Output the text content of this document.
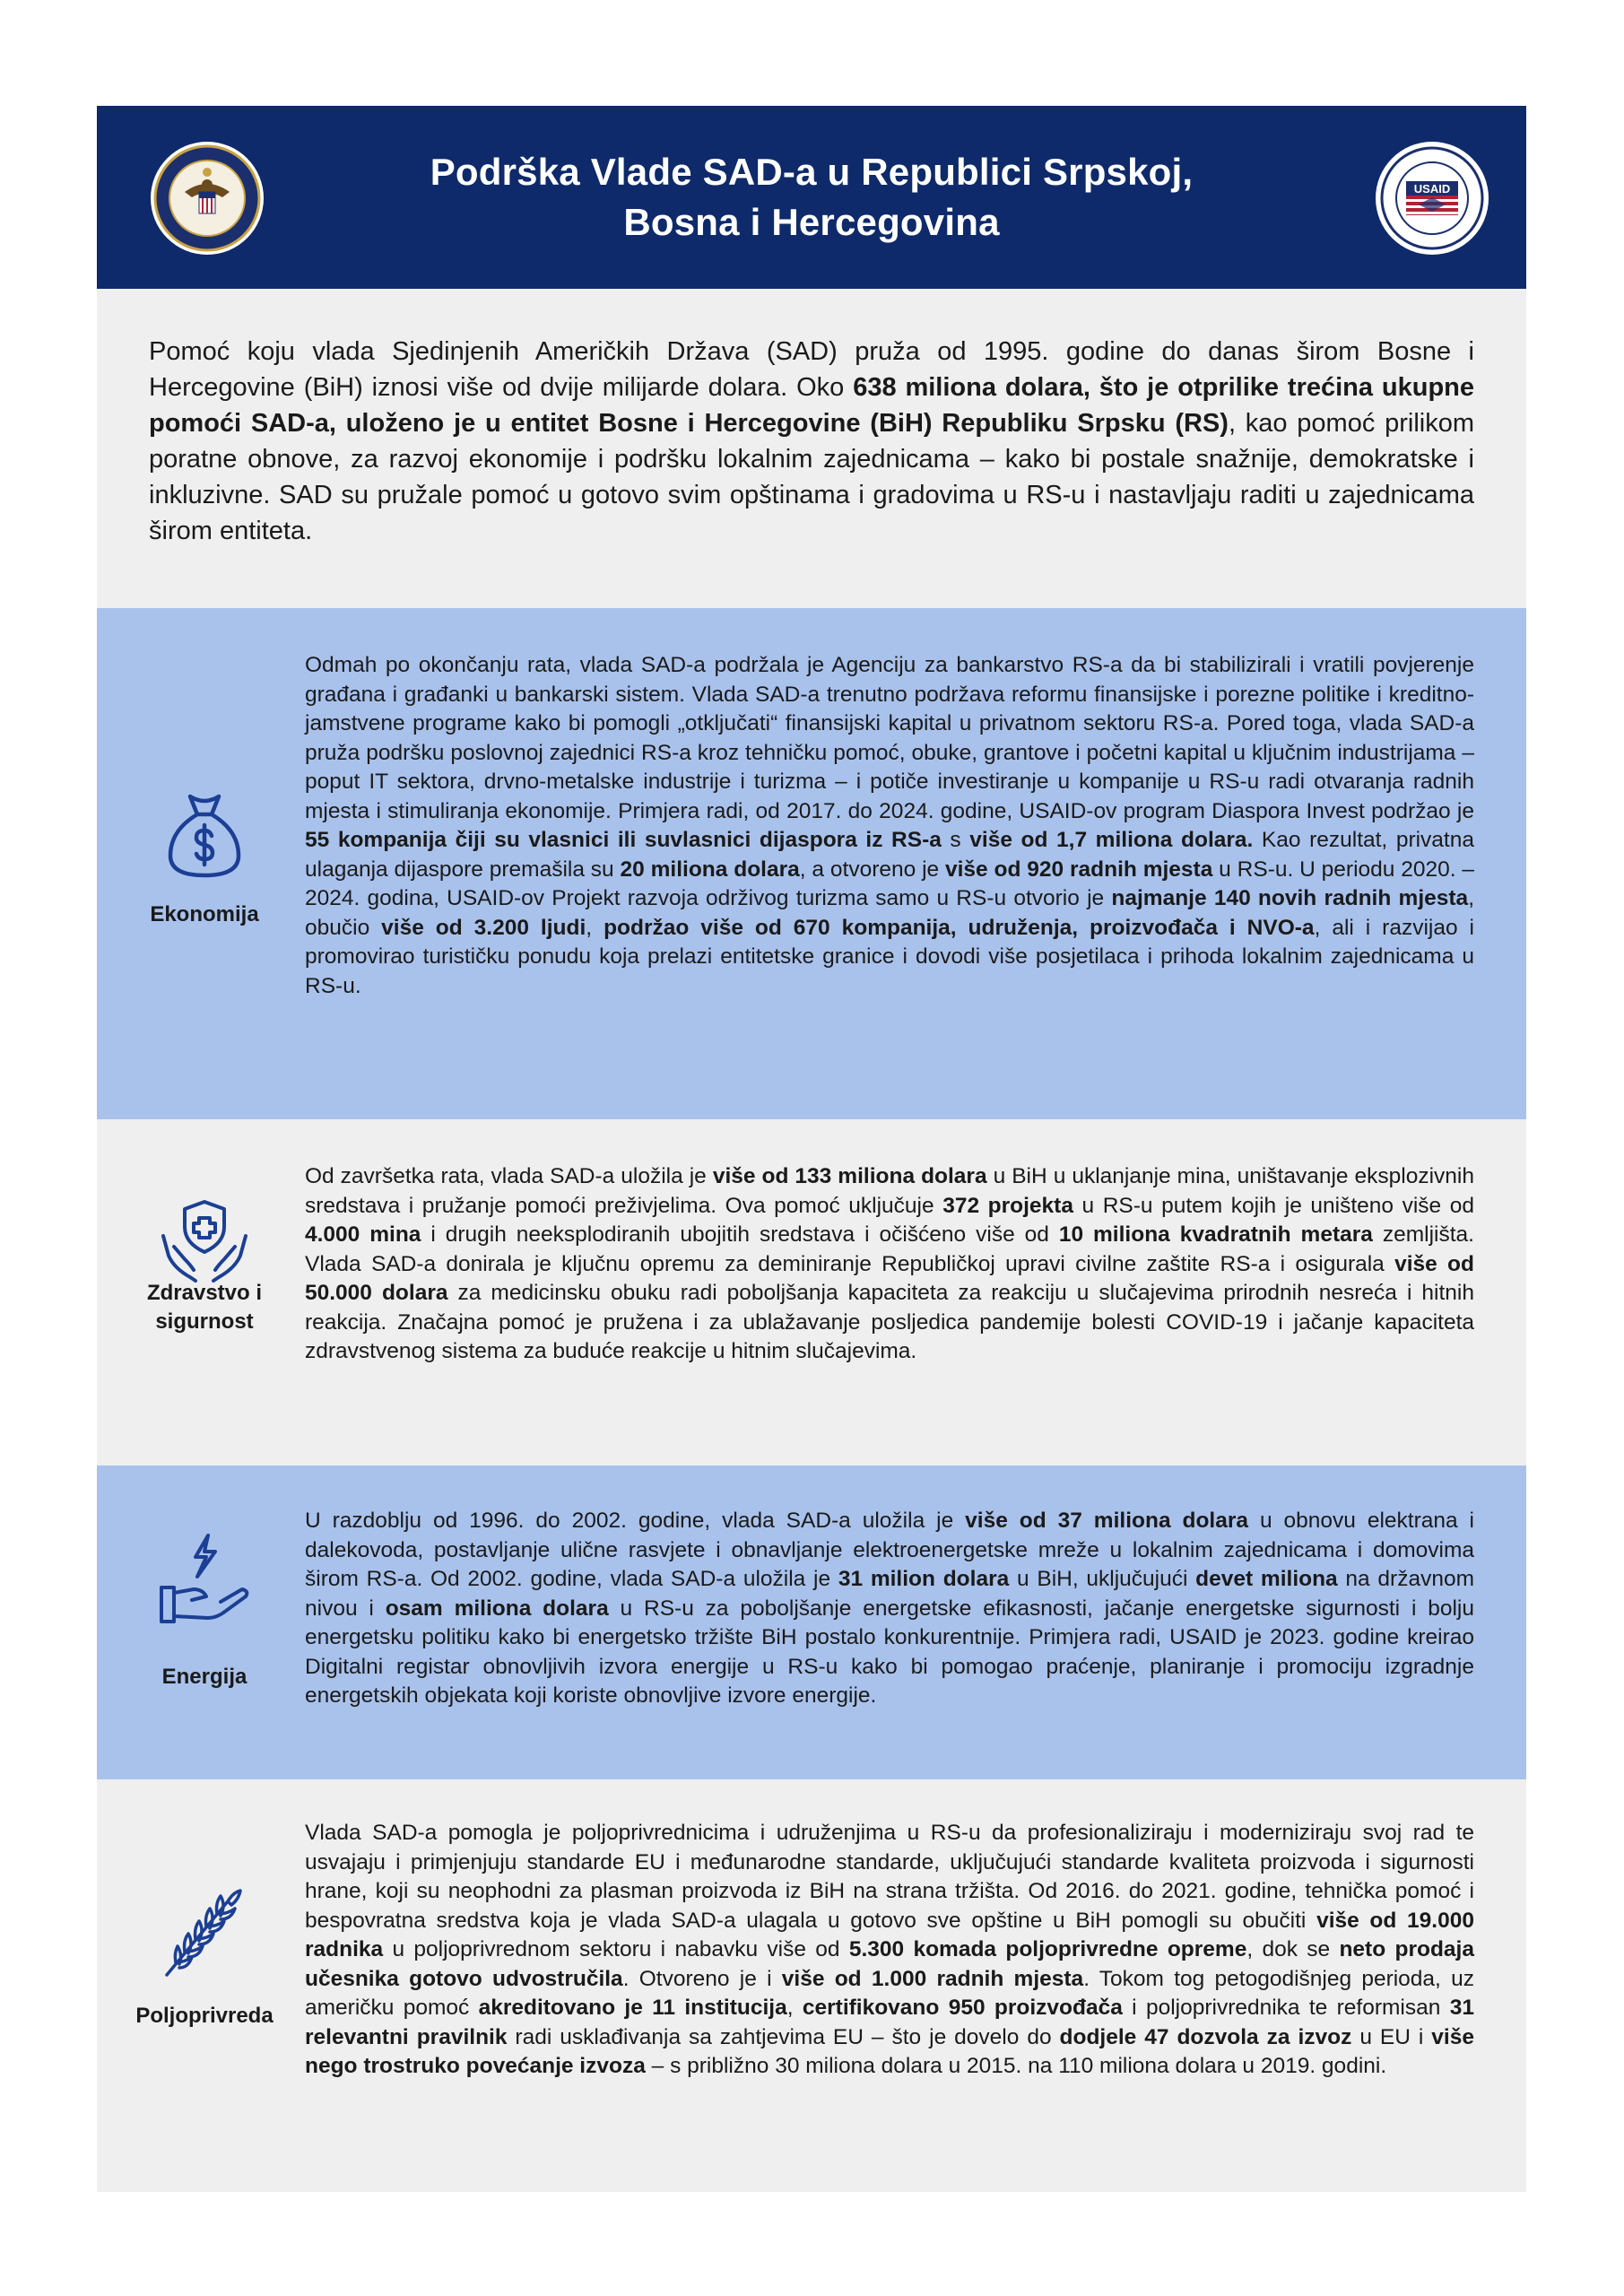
Podrška Vlade SAD-a u Republici Srpskoj,
Bosna i Hercegovina
USAID

Pomoć koju vlada Sjedinjenih Američkih Država (SAD) pruža od 1995. godine do danas širom Bosne i Hercegovine (BiH) iznosi više od dvije milijarde dolara. Oko 638 miliona dolara, što je otprilike trećina ukupne pomoći SAD-a, uloženo je u entitet Bosne i Hercegovine (BiH) Republiku Srpsku (RS), kao pomoć prilikom poratne obnove, za razvoj ekonomije i podršku lokalnim zajednicama – kako bi postale snažnije, demokratske i inkluzivne. SAD su pružale pomoć u gotovo svim opštinama i gradovima u RS-u i nastavljaju raditi u zajednicama širom entiteta.

Ekonomija

Odmah po okončanju rata, vlada SAD-a podržala je Agenciju za bankarstvo RS-a da bi stabilizirali i vratili povjerenje građana i građanki u bankarski sistem. Vlada SAD-a trenutno podržava reformu finansijske i porezne politike i kreditno-jamstvene programe kako bi pomogli „otključati“ finansijski kapital u privatnom sektoru RS-a. Pored toga, vlada SAD-a pruža podršku poslovnoj zajednici RS-a kroz tehničku pomoć, obuke, grantove i početni kapital u ključnim industrijama – poput IT sektora, drvno-metalske industrije i turizma – i potiče investiranje u kompanije u RS-u radi otvaranja radnih mjesta i stimuliranja ekonomije. Primjera radi, od 2017. do 2024. godine, USAID-ov program Diaspora Invest podržao je 55 kompanija čiji su vlasnici ili suvlasnici dijaspora iz RS-a s više od 1,7 miliona dolara. Kao rezultat, privatna ulaganja dijaspore premašila su 20 miliona dolara, a otvoreno je više od 920 radnih mjesta u RS-u. U periodu 2020. – 2024. godina, USAID-ov Projekt razvoja održivog turizma samo u RS-u otvorio je najmanje 140 novih radnih mjesta, obučio više od 3.200 ljudi, podržao više od 670 kompanija, udruženja, proizvođača i NVO-a, ali i razvijao i promovirao turističku ponudu koja prelazi entitetske granice i dovodi više posjetilaca i prihoda lokalnim zajednicama u RS-u.

Zdravstvo i sigurnost

Od završetka rata, vlada SAD-a uložila je više od 133 miliona dolara u BiH u uklanjanje mina, uništavanje eksplozivnih sredstava i pružanje pomoći preživjelima. Ova pomoć uključuje 372 projekta u RS-u putem kojih je uništeno više od 4.000 mina i drugih neeksplodiranih ubojitih sredstava i očišćeno više od 10 miliona kvadratnih metara zemljišta. Vlada SAD-a donirala je ključnu opremu za deminiranje Republičkoj upravi civilne zaštite RS-a i osigurala više od 50.000 dolara za medicinsku obuku radi poboljšanja kapaciteta za reakciju u slučajevima prirodnih nesreća i hitnih reakcija. Značajna pomoć je pružena i za ublažavanje posljedica pandemije bolesti COVID-19 i jačanje kapaciteta zdravstvenog sistema za buduće reakcije u hitnim slučajevima.

Energija

U razdoblju od 1996. do 2002. godine, vlada SAD-a uložila je više od 37 miliona dolara u obnovu elektrana i dalekovoda, postavljanje ulične rasvjete i obnavljanje elektroenergetske mreže u lokalnim zajednicama i domovima širom RS-a. Od 2002. godine, vlada SAD-a uložila je 31 milion dolara u BiH, uključujući devet miliona na državnom nivou i osam miliona dolara u RS-u za poboljšanje energetske efikasnosti, jačanje energetske sigurnosti i bolju energetsku politiku kako bi energetsko tržište BiH postalo konkurentnije. Primjera radi, USAID je 2023. godine kreirao Digitalni registar obnovljivih izvora energije u RS-u kako bi pomogao praćenje, planiranje i promociju izgradnje energetskih objekata koji koriste obnovljive izvore energije.

Poljoprivreda

Vlada SAD-a pomogla je poljoprivrednicima i udruženjima u RS-u da profesionaliziraju i moderniziraju svoj rad te usvajaju i primjenjuju standarde EU i međunarodne standarde, uključujući standarde kvaliteta proizvoda i sigurnosti hrane, koji su neophodni za plasman proizvoda iz BiH na strana tržišta. Od 2016. do 2021. godine, tehnička pomoć i bespovratna sredstva koja je vlada SAD-a ulagala u gotovo sve opštine u BiH pomogli su obučiti više od 19.000 radnika u poljoprivrednom sektoru i nabavku više od 5.300 komada poljoprivredne opreme, dok se neto prodaja učesnika gotovo udvostručila. Otvoreno je i više od 1.000 radnih mjesta. Tokom tog petogodišnjeg perioda, uz američku pomoć akreditovano je 11 institucija, certifikovano 950 proizvođača i poljoprivrednika te reformisan 31 relevantni pravilnik radi usklađivanja sa zahtjevima EU – što je dovelo do dodjele 47 dozvola za izvoz u EU i više nego trostruko povećanje izvoza – s približno 30 miliona dolara u 2015. na 110 miliona dolara u 2019. godini.
